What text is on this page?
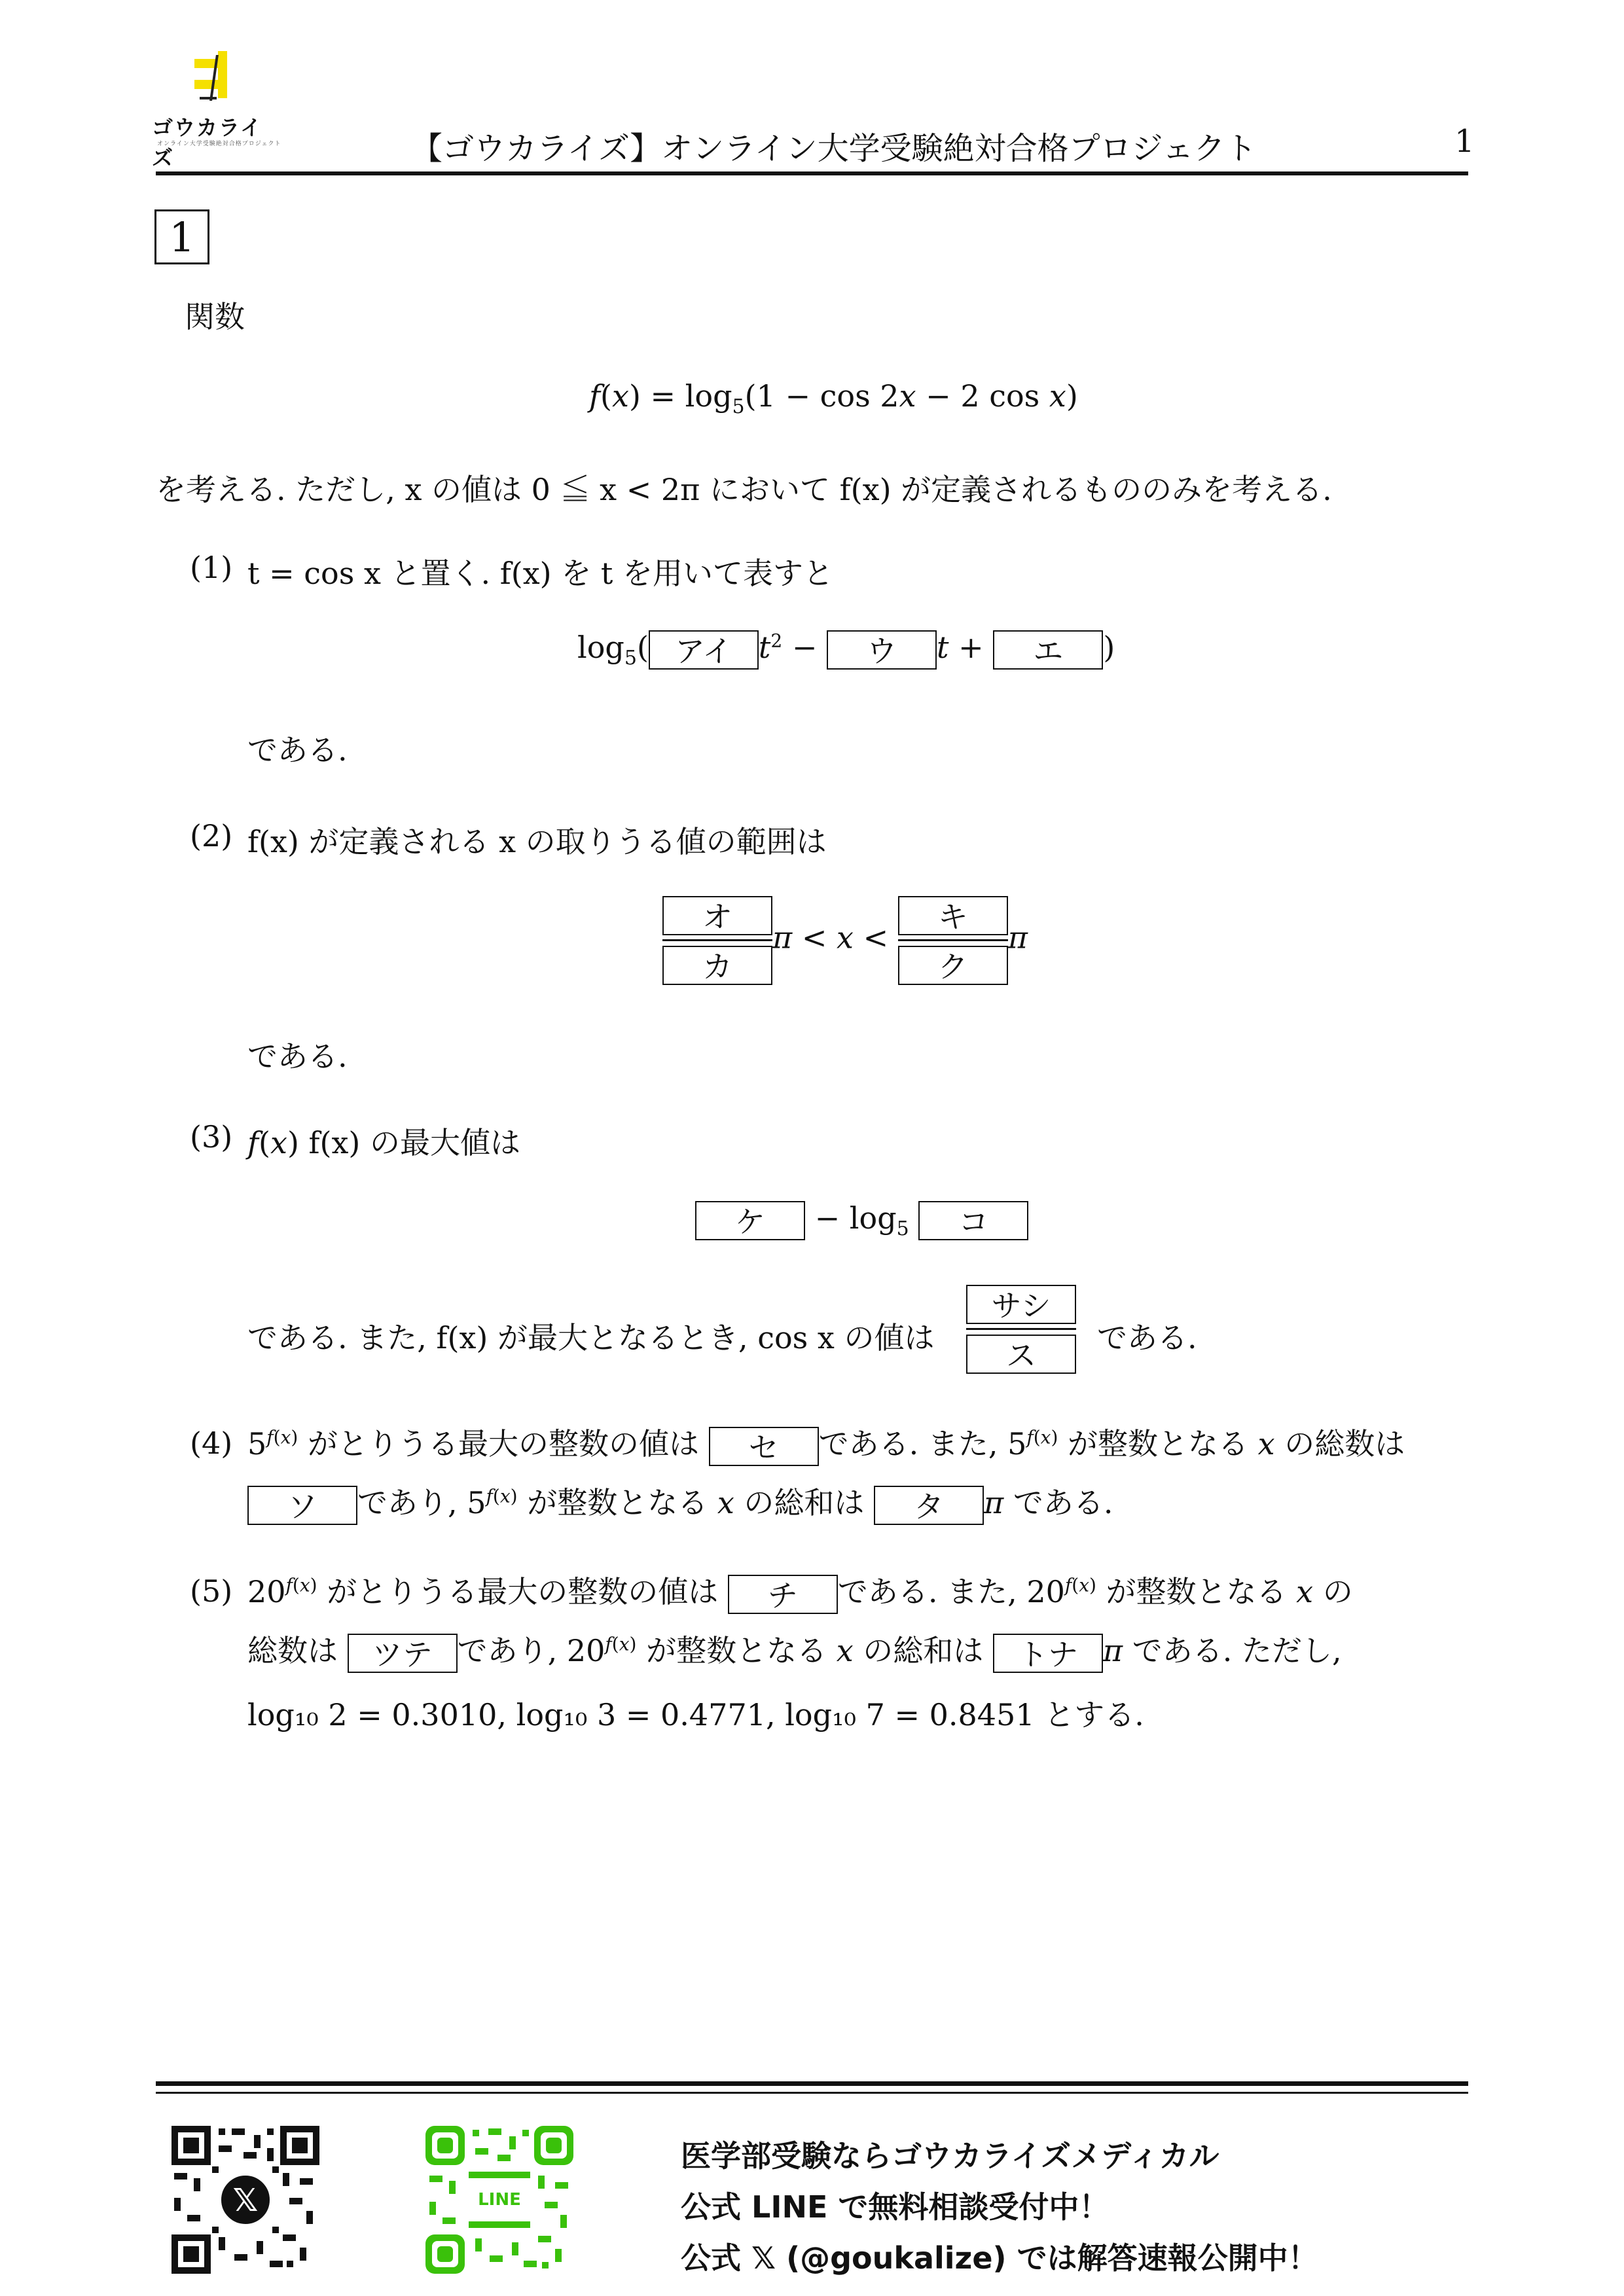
ゴウカライズ
オンライン大学受験絶対合格プロジェクト	【ゴウカライズ】オンライン大学受験絶対合格プロジェクト	1
1
関数
$f(x) = \log_5(1 - \cos 2x - 2$ cos x)
を考える. ただし, x の値は 0 ≦ x < 2π において f(x) が定義されるもののみを考える.
(1) t = cos x と置く. f(x) を t を用いて表すと
$\log_5$( アイ $t^2$ − ウ t + エ )
である.
(2) f(x) が定義される x の取りうる値の範囲は
$\frac{\text{オ}}{\text{カ}}\pi < x < \frac{\text{キ}}{\text{ク}}\pi$
である.
(3) f(x) f(x) の最大値は
ケ − $\log_5$ コ
である. また, f(x) が最大となるとき, cos x の値は $\frac{\text{サシ}}{\text{ス}}$ である.
(4) $5^{f(x)}$ がとりうる最大の整数の値は セ である. また, $5^{f(x)}$ が整数となる x の総数は
ソ であり, $5^{f(x)}$ が整数となる x の総和は タ π である.
(5) $20^{f(x)}$ がとりうる最大の整数の値は チ である. また, $20^{f(x)}$ が整数となる x の
総数は ツテ であり, $20^{f(x)}$ が整数となる x の総和は トナ π である. ただし,
log₁₀ 2 = 0.3010, log₁₀ 3 = 0.4771, log₁₀ 7 = 0.8451 とする.
𝕏	LINE
医学部受験ならゴウカライズメディカル
公式 LINE で無料相談受付中！
公式 𝕏 (@goukalize) では解答速報公開中！
